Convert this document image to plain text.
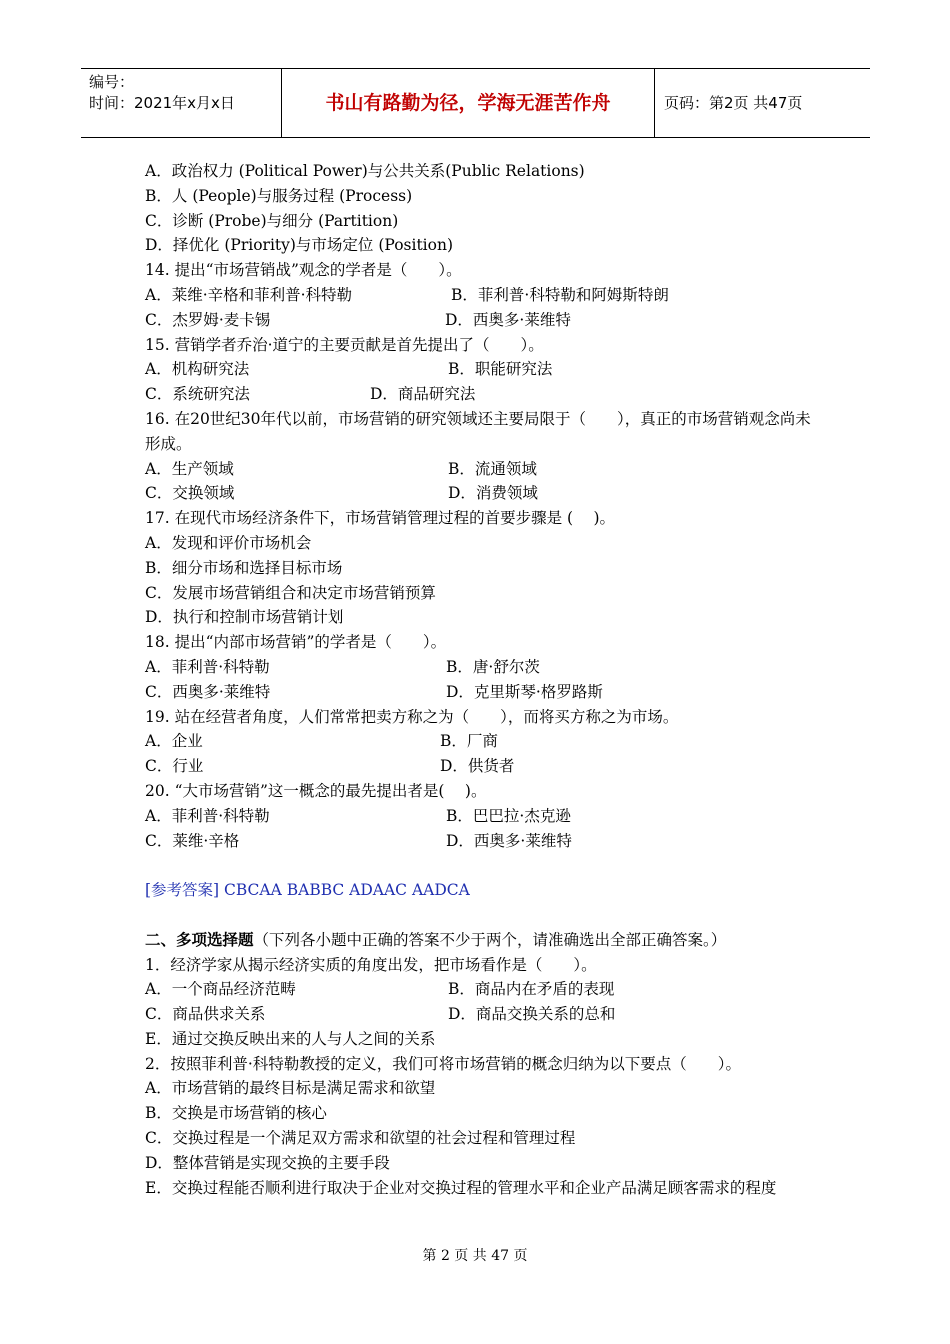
编号：
时间：2021年x月x日	书山有路勤为径，学海无涯苦作舟	页码：第2页 共47页
A．政治权力 (Political Power)与公共关系(Public Relations)
B．人 (People)与服务过程 (Process)
C．诊断 (Probe)与细分 (Partition)
D．择优化 (Priority)与市场定位 (Position)
14. 提出“市场营销战”观念的学者是（　　）。
A．莱维·辛格和菲利普·科特勒	B．菲利普·科特勒和阿姆斯特朗
C．杰罗姆·麦卡锡	D．西奥多·莱维特
15. 营销学者乔治·道宁的主要贡献是首先提出了（　　）。
A．机构研究法	B．职能研究法
C．系统研究法	D．商品研究法
16. 在20世纪30年代以前，市场营销的研究领域还主要局限于（　　），真正的市场营销观念尚未形成。
A．生产领域	B．流通领域
C．交换领域	D．消费领域
17. 在现代市场经济条件下，市场营销管理过程的首要步骤是 (　 )。
A．发现和评价市场机会
B．细分市场和选择目标市场
C．发展市场营销组合和决定市场营销预算
D．执行和控制市场营销计划
18. 提出“内部市场营销”的学者是（　　）。
A．菲利普·科特勒	B．唐·舒尔茨
C．西奥多·莱维特	D．克里斯琴·格罗路斯
19. 站在经营者角度，人们常常把卖方称之为（　　），而将买方称之为市场。
A．企业	B．厂商
C．行业	D．供货者
20. “大市场营销”这一概念的最先提出者是(　 )。
A．菲利普·科特勒	B．巴巴拉·杰克逊
C．莱维·辛格	D．西奥多·莱维特
[参考答案] CBCAA BABBC ADAAC AADCA
二、多项选择题（下列各小题中正确的答案不少于两个，请准确选出全部正确答案。）
1．经济学家从揭示经济实质的角度出发，把市场看作是（　　）。
A．一个商品经济范畴	B．商品内在矛盾的表现
C．商品供求关系	D．商品交换关系的总和
E．通过交换反映出来的人与人之间的关系
2．按照菲利普·科特勒教授的定义，我们可将市场营销的概念归纳为以下要点（　　）。
A．市场营销的最终目标是满足需求和欲望
B．交换是市场营销的核心
C．交换过程是一个满足双方需求和欲望的社会过程和管理过程
D．整体营销是实现交换的主要手段
E．交换过程能否顺利进行取决于企业对交换过程的管理水平和企业产品满足顾客需求的程度
第 2 页 共 47 页
